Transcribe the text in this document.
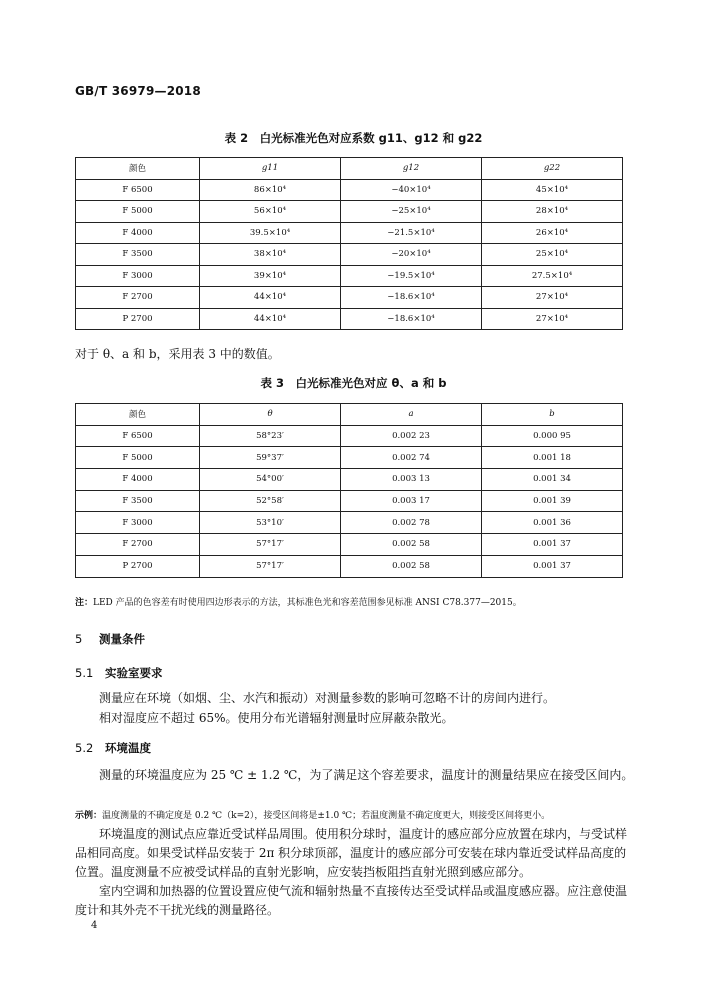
GB/T 36979—2018
表 2　白光标准光色对应系数 g11、g12 和 g22
颜色	g11	g12	g22
F 6500	86×10⁴	−40×10⁴	45×10⁴
F 5000	56×10⁴	−25×10⁴	28×10⁴
F 4000	39.5×10⁴	−21.5×10⁴	26×10⁴
F 3500	38×10⁴	−20×10⁴	25×10⁴
F 3000	39×10⁴	−19.5×10⁴	27.5×10⁴
F 2700	44×10⁴	−18.6×10⁴	27×10⁴
P 2700	44×10⁴	−18.6×10⁴	27×10⁴
对于 θ、a 和 b，采用表 3 中的数值。
表 3　白光标准光色对应 θ、a 和 b
颜色	θ	a	b
F 6500	58°23′	0.002 23	0.000 95
F 5000	59°37′	0.002 74	0.001 18
F 4000	54°00′	0.003 13	0.001 34
F 3500	52°58′	0.003 17	0.001 39
F 3000	53°10′	0.002 78	0.001 36
F 2700	57°17′	0.002 58	0.001 37
P 2700	57°17′	0.002 58	0.001 37
注：LED 产品的色容差有时使用四边形表示的方法，其标准色光和容差范围参见标准 ANSI C78.377—2015。
5 测量条件
5.1 实验室要求
测量应在环境（如烟、尘、水汽和振动）对测量参数的影响可忽略不计的房间内进行。
相对湿度应不超过 65%。使用分布光谱辐射测量时应屏蔽杂散光。
5.2 环境温度
测量的环境温度应为 25 ℃ ± 1.2 ℃，为了满足这个容差要求，温度计的测量结果应在接受区间内。
示例：温度测量的不确定度是 0.2 ℃（k=2），接受区间将是±1.0 ℃；若温度测量不确定度更大，则接受区间将更小。
环境温度的测试点应靠近受试样品周围。使用积分球时，温度计的感应部分应放置在球内，与受试样品相同高度。如果受试样品安装于 2π 积分球顶部，温度计的感应部分可安装在球内靠近受试样品高度的位置。温度测量不应被受试样品的直射光影响，应安装挡板阻挡直射光照到感应部分。
室内空调和加热器的位置设置应使气流和辐射热量不直接传达至受试样品或温度感应器。应注意使温度计和其外壳不干扰光线的测量路径。
4
